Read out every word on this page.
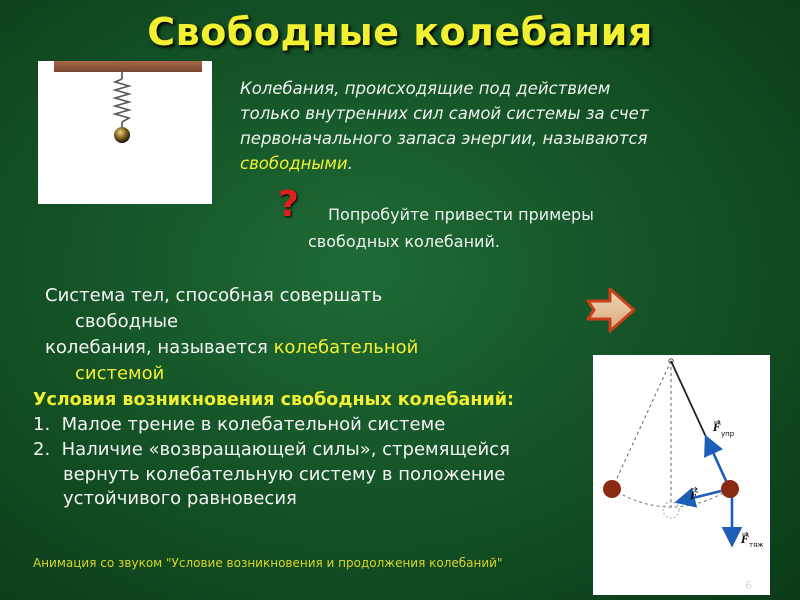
Свободные колебания
Колебания, происходящие под действием
только внутренних сил самой системы за счет
первоначального запаса энергии, называются
свободными.
? Попробуйте привести примеры
свободных колебаний.
Система тел, способная совершать
свободные
колебания, называется колебательной
системой
Условия возникновения свободных колебаний:
1. Малое трение в колебательной системе
2. Наличие «возвращающей силы», стремящейся
вернуть колебательную систему в положение
устойчивого равновесия
F упр
F
F тяж
Анимация со звуком "Условие возникновения и продолжения колебаний"
6
